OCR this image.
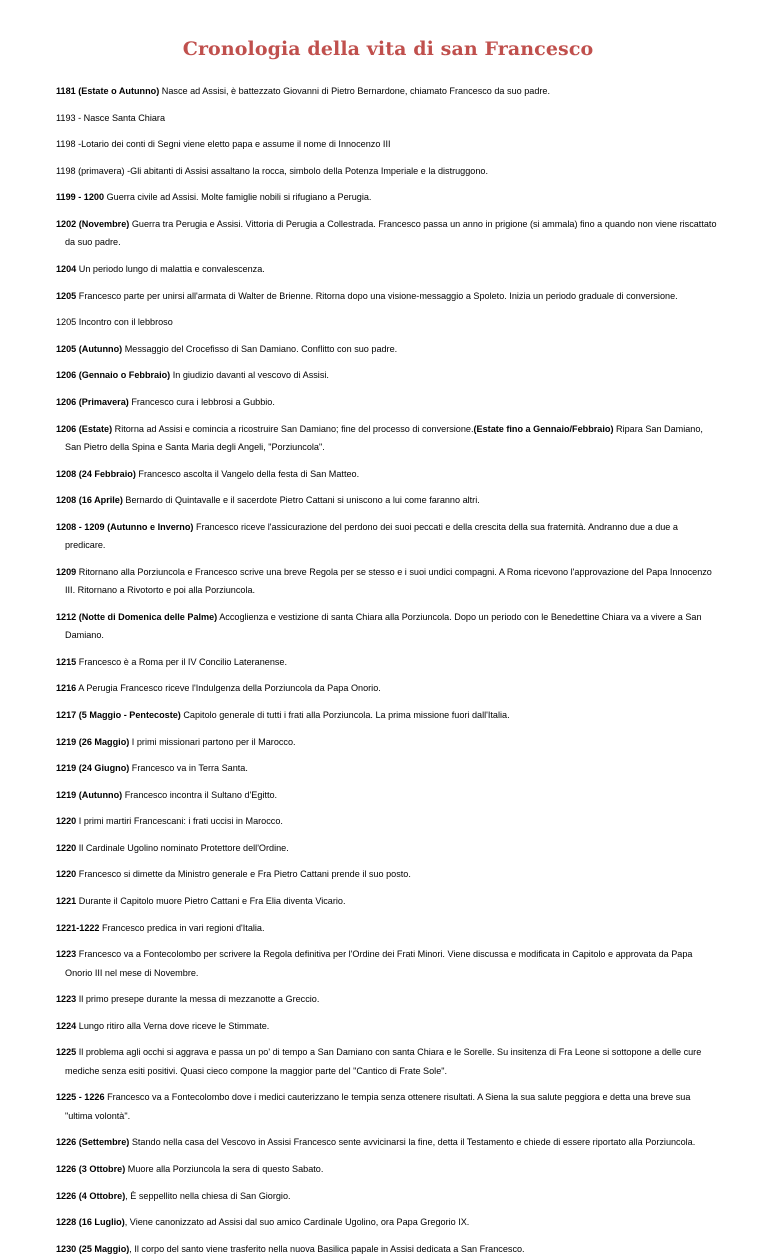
Cronologia della vita di san Francesco

1181 (Estate o Autunno) Nasce ad Assisi, è battezzato Giovanni di Pietro Bernardone, chiamato Francesco da suo padre.

1193 - Nasce Santa Chiara

1198 -Lotario dei conti di Segni viene eletto papa e assume il nome di Innocenzo III

1198 (primavera) -Gli abitanti di Assisi assaltano la rocca, simbolo della Potenza Imperiale e la distruggono.

1199 - 1200 Guerra civile ad Assisi. Molte famiglie nobili si rifugiano a Perugia.

1202 (Novembre) Guerra tra Perugia e Assisi. Vittoria di Perugia a Collestrada. Francesco passa un anno in prigione (si ammala) fino a quando non viene riscattato da suo padre.

1204 Un periodo lungo di malattia e convalescenza.

1205 Francesco parte per unirsi all'armata di Walter de Brienne. Ritorna dopo una visione-messaggio a Spoleto. Inizia un periodo graduale di conversione.

1205 Incontro con il lebbroso

1205 (Autunno) Messaggio del Crocefisso di San Damiano. Conflitto con suo padre.

1206 (Gennaio o Febbraio) In giudizio davanti al vescovo di Assisi.

1206 (Primavera) Francesco cura i lebbrosi a Gubbio.

1206 (Estate) Ritorna ad Assisi e comincia a ricostruire San Damiano; fine del processo di conversione.(Estate fino a Gennaio/Febbraio) Ripara San Damiano, San Pietro della Spina e Santa Maria degli Angeli, "Porziuncola".

1208 (24 Febbraio) Francesco ascolta il Vangelo della festa di San Matteo.

1208 (16 Aprile) Bernardo di Quintavalle e il sacerdote Pietro Cattani si uniscono a lui come faranno altri.

1208 - 1209 (Autunno e Inverno) Francesco riceve l'assicurazione del perdono dei suoi peccati e della crescita della sua fraternità. Andranno due a due a predicare.

1209 Ritornano alla Porziuncola e Francesco scrive una breve Regola per se stesso e i suoi undici compagni. A Roma ricevono l'approvazione del Papa Innocenzo III. Ritornano a Rivotorto e poi alla Porziuncola.

1212 (Notte di Domenica delle Palme) Accoglienza e vestizione di santa Chiara alla Porziuncola. Dopo un periodo con le Benedettine Chiara va a vivere a San Damiano.

1215 Francesco è a Roma per il IV Concilio Lateranense.

1216 A Perugia Francesco riceve l'Indulgenza della Porziuncola da Papa Onorio.

1217 (5 Maggio - Pentecoste) Capitolo generale di tutti i frati alla Porziuncola. La prima missione fuori dall'Italia.

1219 (26 Maggio) I primi missionari partono per il Marocco.

1219 (24 Giugno) Francesco va in Terra Santa.

1219 (Autunno) Francesco incontra il Sultano d'Egitto.

1220 I primi martiri Francescani: i frati uccisi in Marocco.

1220 Il Cardinale Ugolino nominato Protettore dell'Ordine.

1220 Francesco si dimette da Ministro generale e Fra Pietro Cattani prende il suo posto.

1221 Durante il Capitolo muore Pietro Cattani e Fra Elia diventa Vicario.

1221-1222 Francesco predica in vari regioni d'Italia.

1223 Francesco va a Fontecolombo per scrivere la Regola definitiva per l'Ordine dei Frati Minori. Viene discussa e modificata in Capitolo e approvata da Papa Onorio III nel mese di Novembre.

1223 Il primo presepe durante la messa di mezzanotte a Greccio.

1224 Lungo ritiro alla Verna dove riceve le Stimmate.

1225 Il problema agli occhi si aggrava e passa un po' di tempo a San Damiano con santa Chiara e le Sorelle. Su insitenza di Fra Leone si sottopone a delle cure mediche senza esiti positivi. Quasi cieco compone la maggior parte del "Cantico di Frate Sole".

1225 - 1226 Francesco va a Fontecolombo dove i medici cauterizzano le tempia senza ottenere risultati. A Siena la sua salute peggiora e detta una breve sua "ultima volontà".

1226 (Settembre) Stando nella casa del Vescovo in Assisi Francesco sente avvicinarsi la fine, detta il Testamento e chiede di essere riportato alla Porziuncola.

1226 (3 Ottobre) Muore alla Porziuncola la sera di questo Sabato.

1226 (4 Ottobre), È seppellito nella chiesa di San Giorgio.

1228 (16 Luglio), Viene canonizzato ad Assisi dal suo amico Cardinale Ugolino, ora Papa Gregorio IX.

1230 (25 Maggio), Il corpo del santo viene trasferito nella nuova Basilica papale in Assisi dedicata a San Francesco.
